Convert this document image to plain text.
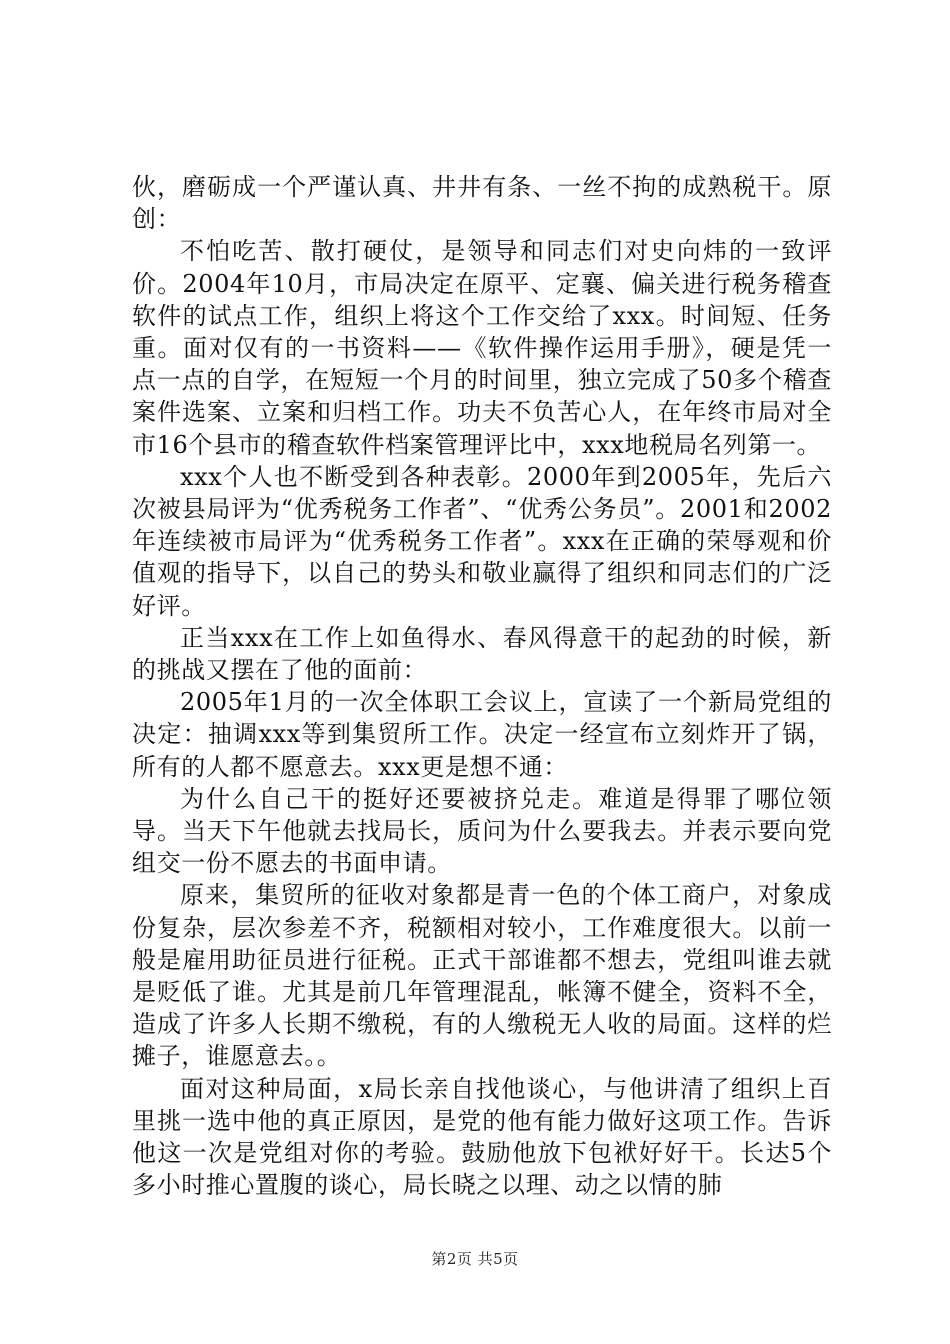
伙，磨砺成一个严谨认真、井井有条、一丝不拘的成熟税干。原创：

不怕吃苦、散打硬仗，是领导和同志们对史向炜的一致评价。2004年10月，市局决定在原平、定襄、偏关进行税务稽查软件的试点工作，组织上将这个工作交给了xxx。时间短、任务重。面对仅有的一书资料——《软件操作运用手册》，硬是凭一点一点的自学，在短短一个月的时间里，独立完成了50多个稽查案件选案、立案和归档工作。功夫不负苦心人，在年终市局对全市16个县市的稽查软件档案管理评比中，xxx地税局名列第一。

xxx个人也不断受到各种表彰。2000年到2005年，先后六次被县局评为“优秀税务工作者”、“优秀公务员”。2001和2002年连续被市局评为“优秀税务工作者”。xxx在正确的荣辱观和价值观的指导下，以自己的势头和敬业赢得了组织和同志们的广泛好评。

正当xxx在工作上如鱼得水、春风得意干的起劲的时候，新的挑战又摆在了他的面前：

2005年1月的一次全体职工会议上，宣读了一个新局党组的决定：抽调xxx等到集贸所工作。决定一经宣布立刻炸开了锅，所有的人都不愿意去。xxx更是想不通：

为什么自己干的挺好还要被挤兑走。难道是得罪了哪位领导。当天下午他就去找局长，质问为什么要我去。并表示要向党组交一份不愿去的书面申请。

原来，集贸所的征收对象都是青一色的个体工商户，对象成份复杂，层次参差不齐，税额相对较小，工作难度很大。以前一般是雇用助征员进行征税。正式干部谁都不想去，党组叫谁去就是贬低了谁。尤其是前几年管理混乱，帐簿不健全，资料不全，造成了许多人长期不缴税，有的人缴税无人收的局面。这样的烂摊子，谁愿意去。。

面对这种局面，x局长亲自找他谈心，与他讲清了组织上百里挑一选中他的真正原因，是党的他有能力做好这项工作。告诉他这一次是党组对你的考验。鼓励他放下包袱好好干。长达5个多小时推心置腹的谈心，局长晓之以理、动之以情的肺

第2页 共5页
